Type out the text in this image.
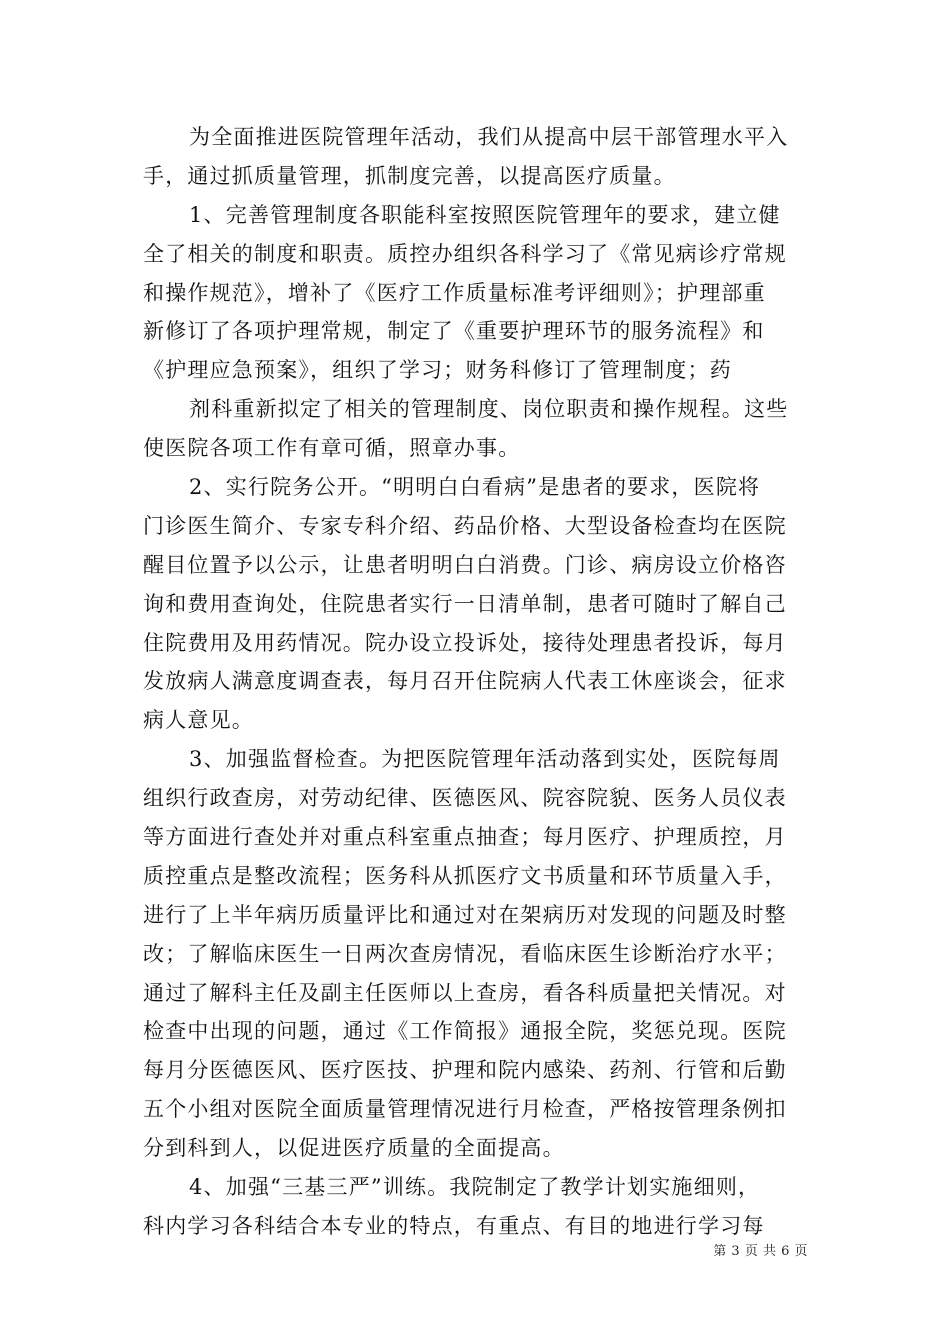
为全面推进医院管理年活动，我们从提高中层干部管理水平入
手，通过抓质量管理，抓制度完善，以提高医疗质量。
1、完善管理制度各职能科室按照医院管理年的要求，建立健
全了相关的制度和职责。质控办组织各科学习了《常见病诊疗常规
和操作规范》，增补了《医疗工作质量标准考评细则》；护理部重
新修订了各项护理常规，制定了《重要护理环节的服务流程》和
《护理应急预案》，组织了学习；财务科修订了管理制度；药
剂科重新拟定了相关的管理制度、岗位职责和操作规程。这些
使医院各项工作有章可循，照章办事。
2、实行院务公开。“明明白白看病”是患者的要求，医院将
门诊医生简介、专家专科介绍、药品价格、大型设备检查均在医院
醒目位置予以公示，让患者明明白白消费。门诊、病房设立价格咨
询和费用查询处，住院患者实行一日清单制，患者可随时了解自己
住院费用及用药情况。院办设立投诉处，接待处理患者投诉，每月
发放病人满意度调查表，每月召开住院病人代表工休座谈会，征求
病人意见。
3、加强监督检查。为把医院管理年活动落到实处，医院每周
组织行政查房，对劳动纪律、医德医风、院容院貌、医务人员仪表
等方面进行查处并对重点科室重点抽查；每月医疗、护理质控，月
质控重点是整改流程；医务科从抓医疗文书质量和环节质量入手，
进行了上半年病历质量评比和通过对在架病历对发现的问题及时整
改；了解临床医生一日两次查房情况，看临床医生诊断治疗水平；
通过了解科主任及副主任医师以上查房，看各科质量把关情况。对
检查中出现的问题，通过《工作简报》通报全院，奖惩兑现。医院
每月分医德医风、医疗医技、护理和院内感染、药剂、行管和后勤
五个小组对医院全面质量管理情况进行月检查，严格按管理条例扣
分到科到人，以促进医疗质量的全面提高。
4、加强“三基三严”训练。我院制定了教学计划实施细则，
科内学习各科结合本专业的特点，有重点、有目的地进行学习每
第 3 页 共 6 页
